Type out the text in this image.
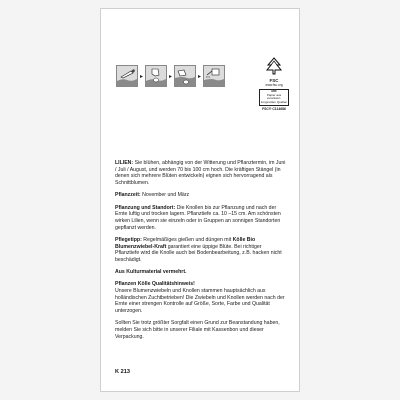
▸	▸	▸
FSC
www.fsc.org
MIX
Papier aus verantwor-tungsvollen Quellen
FSC® C114686

LILIEN: Sie blühen, abhängig von der Witterung und Pflanztermin, im Juni / Juli / August, und werden 70 bis 100 cm hoch. Die kräftigen Stängel (in denen sich mehrere Blüten entwickeln) eignen sich hervorragend als Schnittblumen.

Pflanzzeit: November und März

Pflanzung und Standort: Die Knollen bis zur Pflanzung und nach der Ernte luftig und trocken lagern. Pflanztiefe ca. 10 –15 cm. Am schönsten wirken Lilien, wenn sie einzeln oder in Gruppen an sonnigen Standorten gepflanzt werden.

Pflegetipp: Regelmäßiges gießen und düngen mit Kölle Bio Blumenzwiebel-Kraft garantiert eine üppige Blüte. Bei richtiger Pflanztiefe wird die Knolle auch bei Bodenbearbeitung, z.B. hacken nicht beschädigt.

Aus Kulturmaterial vermehrt.

Pflanzen Kölle Qualitätshinweis!
Unsere Blumenzwiebeln und Knollen stammen hauptsächlich aus holländischen Zuchtbetrieben! Die Zwiebeln und Knollen werden nach der Ernte einer strengen Kontrolle auf Größe, Sorte, Farbe und Qualität unterzogen.

Sollten Sie trotz größter Sorgfalt einen Grund zur Beanstandung haben, melden Sie sich bitte in unserer Filiale mit Kassenbon und dieser Verpackung.

K 213
